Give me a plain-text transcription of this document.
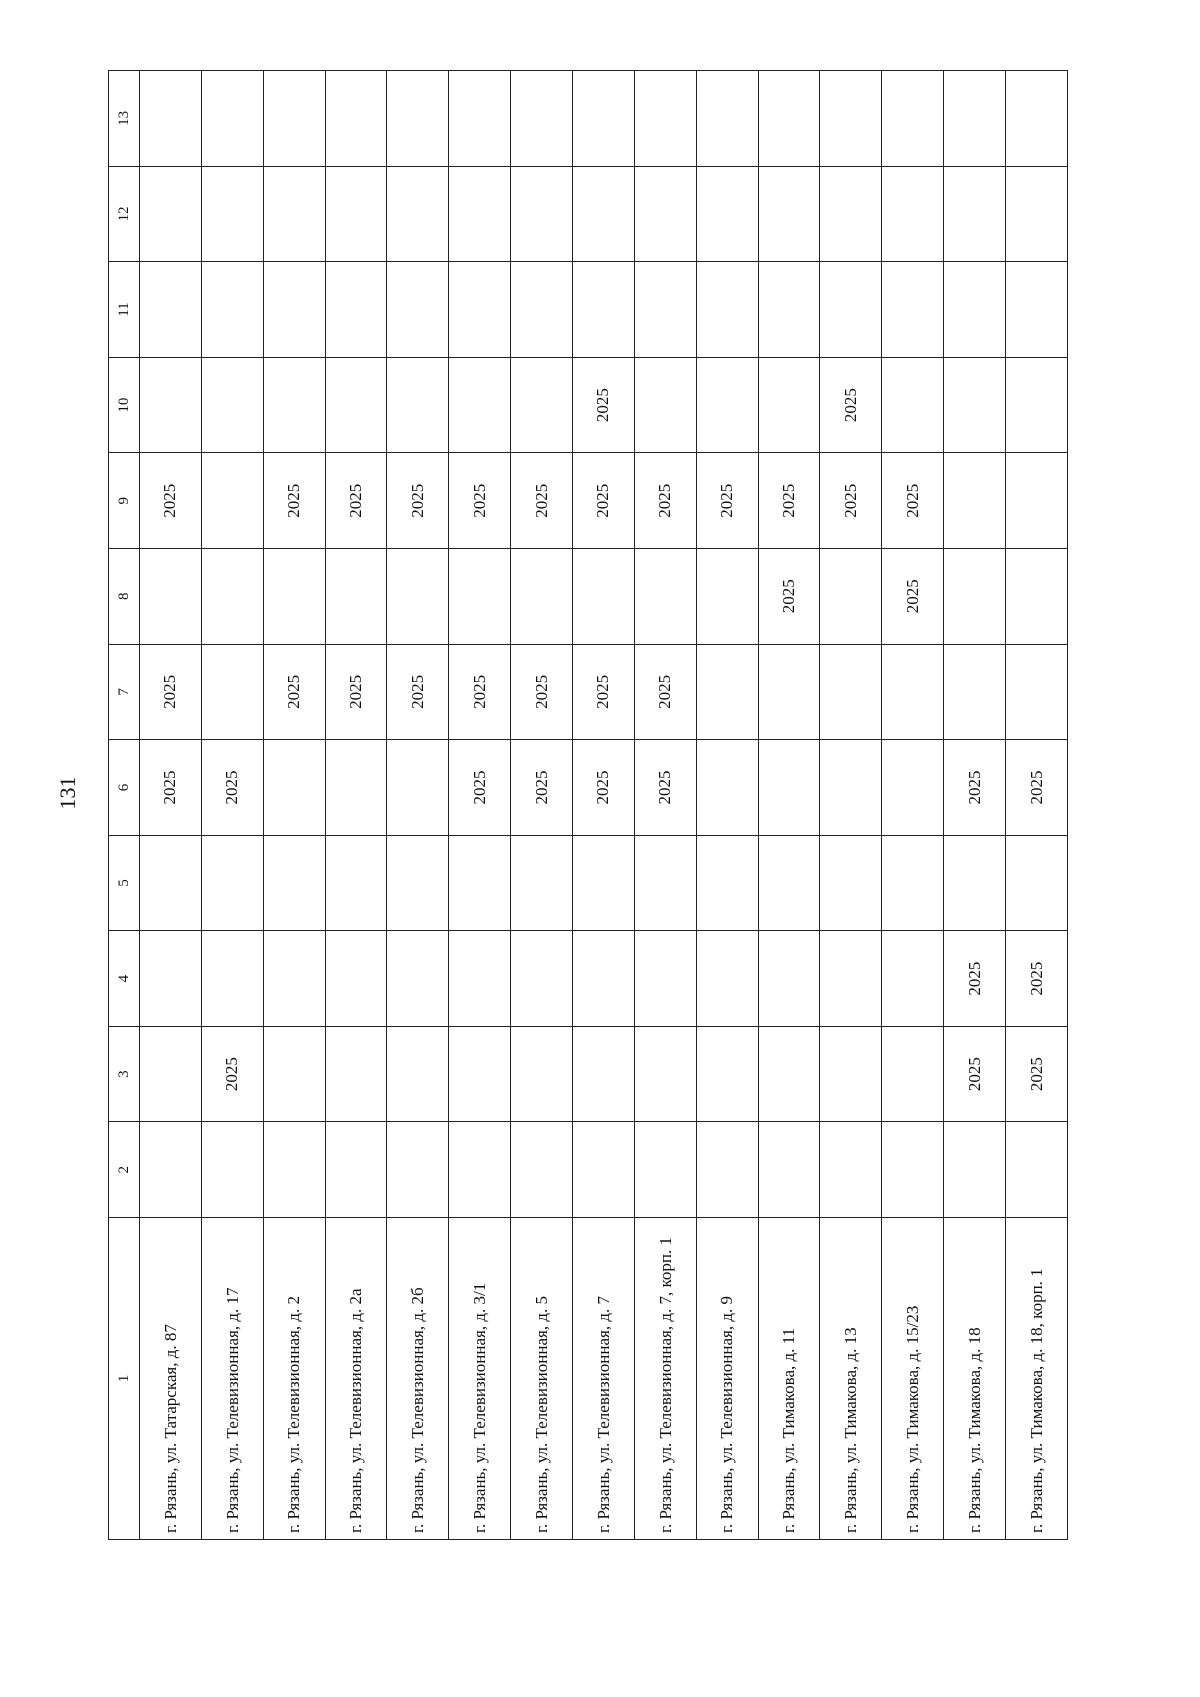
131
1	2	3	4	5	6	7	8	9	10	11	12	13
г. Рязань, ул. Татарская, д. 87					2025	2025		2025				
г. Рязань, ул. Телевизионная, д. 17		2025			2025							
г. Рязань, ул. Телевизионная, д. 2						2025		2025				
г. Рязань, ул. Телевизионная, д. 2а						2025		2025				
г. Рязань, ул. Телевизионная, д. 2б						2025		2025				
г. Рязань, ул. Телевизионная, д. 3/1					2025	2025		2025				
г. Рязань, ул. Телевизионная, д. 5					2025	2025		2025				
г. Рязань, ул. Телевизионная, д. 7					2025	2025		2025	2025			
г. Рязань, ул. Телевизионная, д. 7, корп. 1					2025	2025		2025				
г. Рязань, ул. Телевизионная, д. 9								2025				
г. Рязань, ул. Тимакова, д. 11							2025	2025				
г. Рязань, ул. Тимакова, д. 13								2025	2025			
г. Рязань, ул. Тимакова, д. 15/23							2025	2025				
г. Рязань, ул. Тимакова, д. 18		2025	2025		2025							
г. Рязань, ул. Тимакова, д. 18, корп. 1		2025	2025		2025							
